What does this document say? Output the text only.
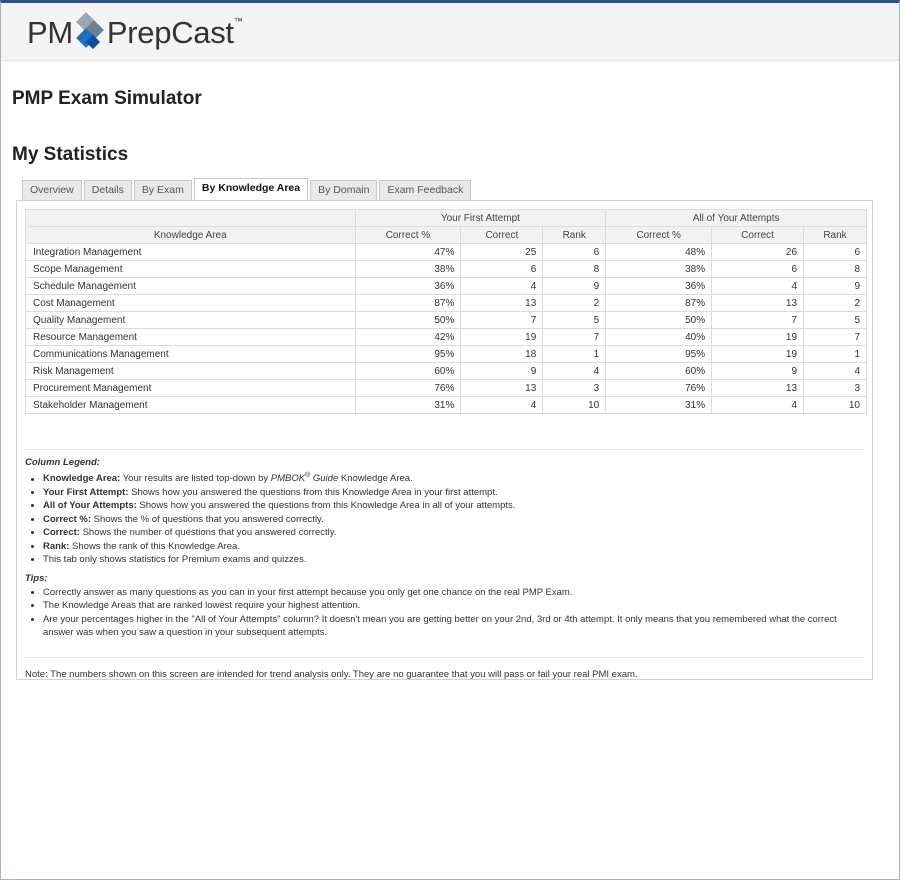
PM PrepCast ™
PMP Exam Simulator
My Statistics
Overview	Details	By Exam	By Knowledge Area	By Domain	Exam Feedback
	Your First Attempt			All of Your Attempts		
Knowledge Area	Correct %	Correct	Rank	Correct %	Correct	Rank
Integration Management	47%	25	6	48%	26	6
Scope Management	38%	6	8	38%	6	8
Schedule Management	36%	4	9	36%	4	9
Cost Management	87%	13	2	87%	13	2
Quality Management	50%	7	5	50%	7	5
Resource Management	42%	19	7	40%	19	7
Communications Management	95%	18	1	95%	19	1
Risk Management	60%	9	4	60%	9	4
Procurement Management	76%	13	3	76%	13	3
Stakeholder Management	31%	4	10	31%	4	10
Column Legend:
• Knowledge Area: Your results are listed top-down by PMBOK® Guide Knowledge Area.
• Your First Attempt: Shows how you answered the questions from this Knowledge Area in your first attempt.
• All of Your Attempts: Shows how you answered the questions from this Knowledge Area in all of your attempts.
• Correct %: Shows the % of questions that you answered correctly.
• Correct: Shows the number of questions that you answered correctly.
• Rank: Shows the rank of this Knowledge Area.
• This tab only shows statistics for Premium exams and quizzes.
Tips:
• Correctly answer as many questions as you can in your first attempt because you only get one chance on the real PMP Exam.
• The Knowledge Areas that are ranked lowest require your highest attention.
• Are your percentages higher in the "All of Your Attempts" column? It doesn't mean you are getting better on your 2nd, 3rd or 4th attempt. It only means that you remembered what the correct answer was when you saw a question in your subsequent attempts.
Note: The numbers shown on this screen are intended for trend analysis only. They are no guarantee that you will pass or fail your real PMI exam.
